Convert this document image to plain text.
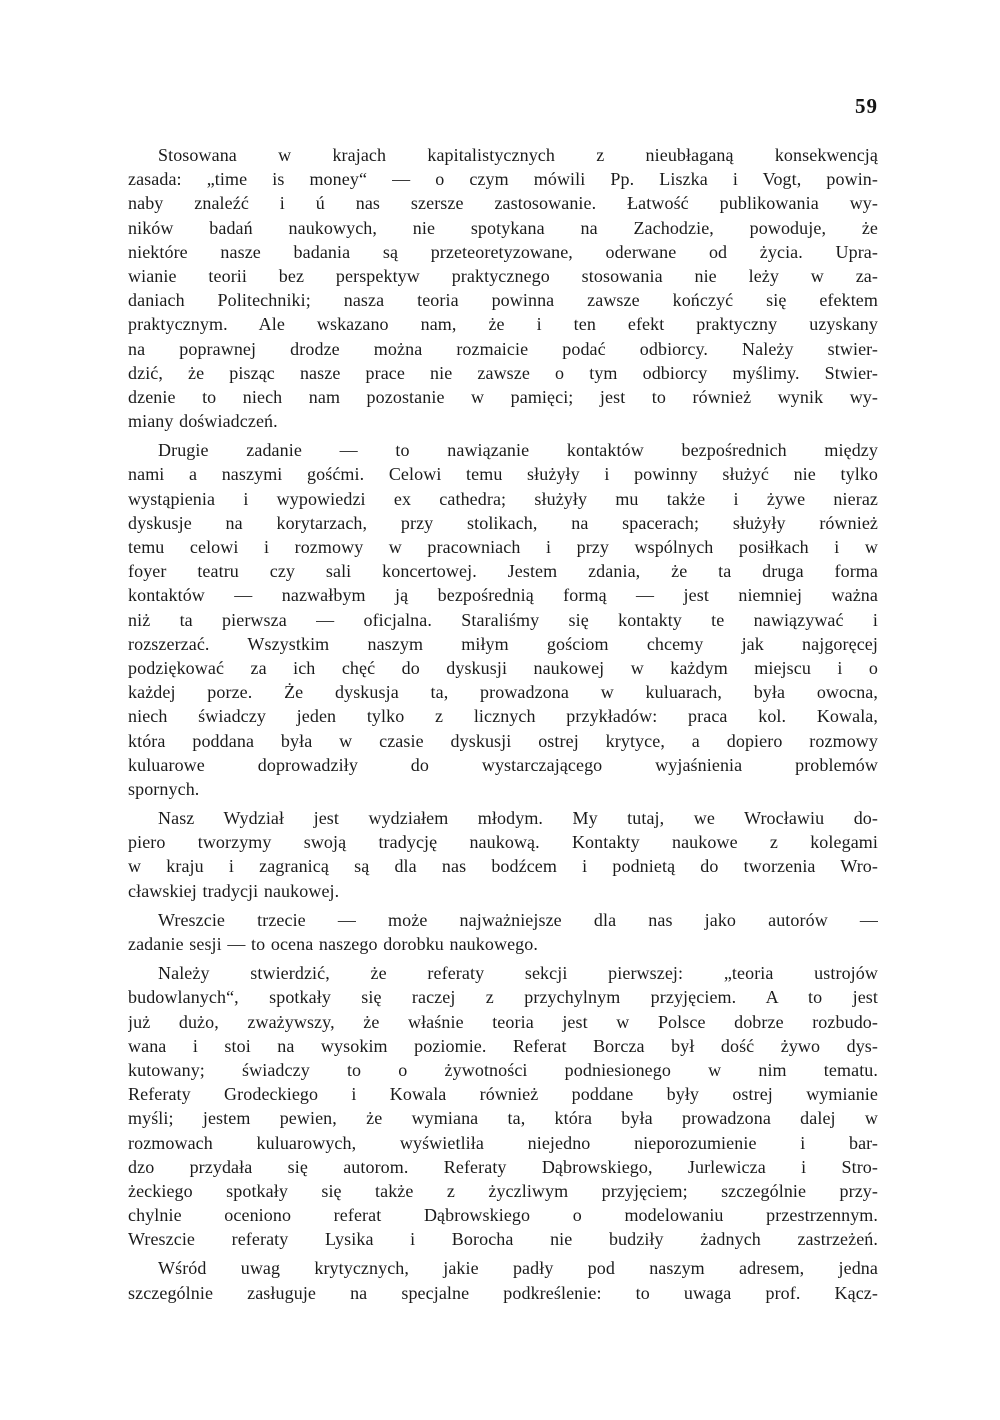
59
Stosowana w krajach kapitalistycznych z nieubłaganą konsekwencją
zasada: „time is money“ — o czym mówili Pp. Liszka i Vogt, powin-
naby znaleźć i ú nas szersze zastosowanie. Łatwość publikowania wy-
ników badań naukowych, nie spotykana na Zachodzie, powoduje, że
niektóre nasze badania są przeteoretyzowane, oderwane od życia. Upra-
wianie teorii bez perspektyw praktycznego stosowania nie leży w za-
daniach Politechniki; nasza teoria powinna zawsze kończyć się efektem
praktycznym. Ale wskazano nam, że i ten efekt praktyczny uzyskany
na poprawnej drodze można rozmaicie podać odbiorcy. Należy stwier-
dzić, że pisząc nasze prace nie zawsze o tym odbiorcy myślimy. Stwier-
dzenie to niech nam pozostanie w pamięci; jest to również wynik wy-
miany doświadczeń.
Drugie zadanie — to nawiązanie kontaktów bezpośrednich między
nami a naszymi gośćmi. Celowi temu służyły i powinny służyć nie tylko
wystąpienia i wypowiedzi ex cathedra; służyły mu także i żywe nieraz
dyskusje na korytarzach, przy stolikach, na spacerach; służyły również
temu celowi i rozmowy w pracowniach i przy wspólnych posiłkach i w
foyer teatru czy sali koncertowej. Jestem zdania, że ta druga forma
kontaktów — nazwałbym ją bezpośrednią formą — jest niemniej ważna
niż ta pierwsza — oficjalna. Staraliśmy się kontakty te nawiązywać i
rozszerzać. Wszystkim naszym miłym gościom chcemy jak najgoręcej
podziękować za ich chęć do dyskusji naukowej w każdym miejscu i o
każdej porze. Że dyskusja ta, prowadzona w kuluarach, była owocna,
niech świadczy jeden tylko z licznych przykładów: praca kol. Kowala,
która poddana była w czasie dyskusji ostrej krytyce, a dopiero rozmowy
kuluarowe doprowadziły do wystarczającego wyjaśnienia problemów
spornych.
Nasz Wydział jest wydziałem młodym. My tutaj, we Wrocławiu do-
piero tworzymy swoją tradycję naukową. Kontakty naukowe z kolegami
w kraju i zagranicą są dla nas bodźcem i podnietą do tworzenia Wro-
cławskiej tradycji naukowej.
Wreszcie trzecie — może najważniejsze dla nas jako autorów —
zadanie sesji — to ocena naszego dorobku naukowego.
Należy stwierdzić, że referaty sekcji pierwszej: „teoria ustrojów
budowlanych“, spotkały się raczej z przychylnym przyjęciem. A to jest
już dużo, zważywszy, że właśnie teoria jest w Polsce dobrze rozbudo-
wana i stoi na wysokim poziomie. Referat Borcza był dość żywo dys-
kutowany; świadczy to o żywotności podniesionego w nim tematu.
Referaty Grodeckiego i Kowala również poddane były ostrej wymianie
myśli; jestem pewien, że wymiana ta, która była prowadzona dalej w
rozmowach kuluarowych, wyświetliła niejedno nieporozumienie i bar-
dzo przydała się autorom. Referaty Dąbrowskiego, Jurlewicza i Stro-
żeckiego spotkały się także z życzliwym przyjęciem; szczególnie przy-
chylnie oceniono referat Dąbrowskiego o modelowaniu przestrzennym.
Wreszcie referaty Lysika i Borocha nie budziły żadnych zastrzeżeń.
Wśród uwag krytycznych, jakie padły pod naszym adresem, jedna
szczególnie zasługuje na specjalne podkreślenie: to uwaga prof. Kącz-
